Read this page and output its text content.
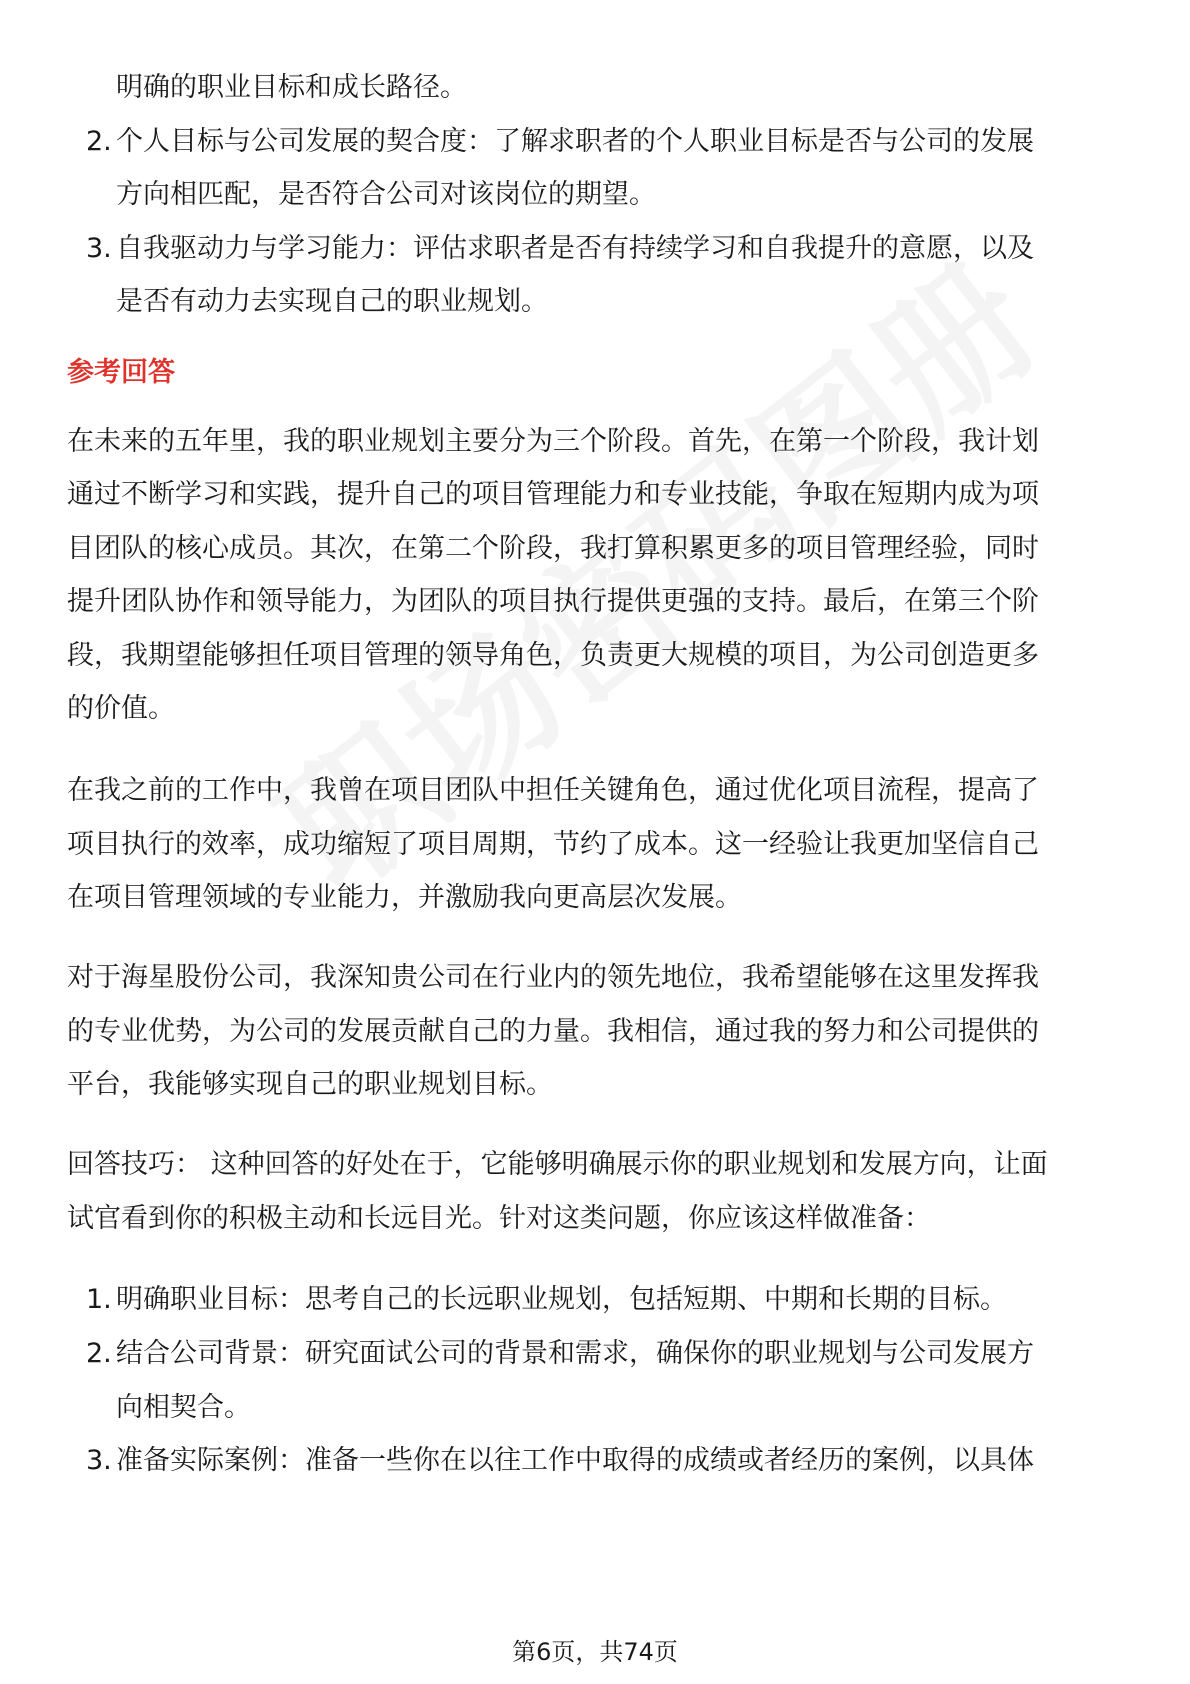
明确的职业目标和成长路径。
2. 个人目标与公司发展的契合度：了解求职者的个人职业目标是否与公司的发展
方向相匹配，是否符合公司对该岗位的期望。
3. 自我驱动力与学习能力：评估求职者是否有持续学习和自我提升的意愿，以及
是否有动力去实现自己的职业规划。
参考回答
在未来的五年里，我的职业规划主要分为三个阶段。首先，在第一个阶段，我计划
通过不断学习和实践，提升自己的项目管理能力和专业技能，争取在短期内成为项
目团队的核心成员。其次，在第二个阶段，我打算积累更多的项目管理经验，同时
提升团队协作和领导能力，为团队的项目执行提供更强的支持。最后，在第三个阶
段，我期望能够担任项目管理的领导角色，负责更大规模的项目，为公司创造更多
的价值。
在我之前的工作中，我曾在项目团队中担任关键角色，通过优化项目流程，提高了
项目执行的效率，成功缩短了项目周期，节约了成本。这一经验让我更加坚信自己
在项目管理领域的专业能力，并激励我向更高层次发展。
对于海星股份公司，我深知贵公司在行业内的领先地位，我希望能够在这里发挥我
的专业优势，为公司的发展贡献自己的力量。我相信，通过我的努力和公司提供的
平台，我能够实现自己的职业规划目标。
回答技巧： 这种回答的好处在于，它能够明确展示你的职业规划和发展方向，让面
试官看到你的积极主动和长远目光。针对这类问题，你应该这样做准备：
1. 明确职业目标：思考自己的长远职业规划，包括短期、中期和长期的目标。
2. 结合公司背景：研究面试公司的背景和需求，确保你的职业规划与公司发展方
向相契合。
3. 准备实际案例：准备一些你在以往工作中取得的成绩或者经历的案例，以具体
第6页，共74页
